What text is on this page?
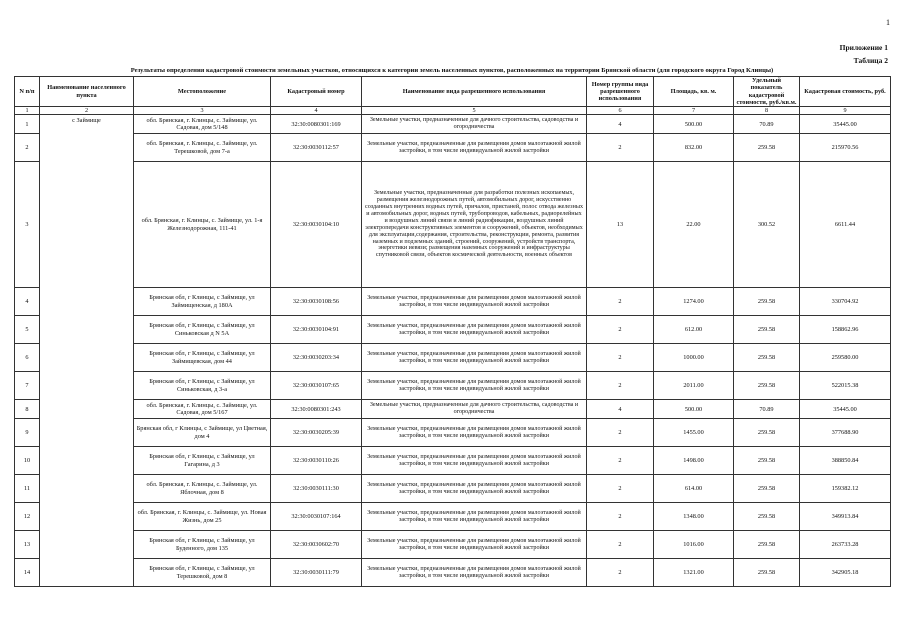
1
Приложение 1
Таблица 2
Результаты определения кадастровой стоимости земельных участков, относящихся к категории земель населенных пунктов, расположенных на территории Брянской области (для городского округа Город Клинцы)
N п/п	Наименование населенного пункта	Местоположение	Кадастровый номер	Наименование вида разрешенного использования	Номер группы вида разрешенного использования	Площадь, кв. м.	Удельный показатель кадастровой стоимости, руб./кв.м.	Кадастровая стоимость, руб.
1	2	3	4	5	6	7	8	9
1	с Займище	обл. Брянская, г. Клинцы, с. Займище, ул. Садовая, дом 5/148	32:30:0080301:169	Земельные участки, предназначенные для дачного строительства, садоводства и огородничества	4	500.00	70.89	35445.00
2		обл. Брянская, г. Клинцы, с. Займище, ул. Терешковой, дом 7-а	32:30:0030112:57	Земельные участки, предназначенные для размещения домов малоэтажной жилой застройки, в том числе индивидуальной жилой застройки	2	832.00	259.58	215970.56
3		обл. Брянская, г. Клинцы, с. Займище, ул. 1-я Железнодорожная, 111-41	32:30:0030104:10	Земельные участки, предназначенные для разработки полезных ископаемых, размещения железнодорожных путей, автомобильных дорог, искусственно созданных внутренних водных путей, причалов, пристаней, полос отвода железных и автомобильных дорог, водных путей, трубопроводов, кабельных, радиорелейных и воздушных линий связи и линий радиофикации, воздушных линий электропередачи конструктивных элементов и сооружений, объектов, необходимых для эксплуатации,содержания, строительства, реконструкции, ремонта, развития наземных и подземных зданий, строений, сооружений, устройств транспорта, энергетики иевязи; размещения наземных сооружений и инфраструктуры спутниковой связи, объектов космической деятельности, военных объектов	13	22.00	300.52	6611.44
4		Брянская обл, г Клинцы, с Займище, ул Займищенская, д 180А	32:30:0030108:56	Земельные участки, предназначенные для размещения домов малоэтажной жилой застройки, в том числе индивидуальной жилой застройки	2	1274.00	259.58	330704.92
5		Брянская обл, г Клинцы, с Займище, ул Синьковская д N 5А	32:30:0030104:91	Земельные участки, предназначенные для размещения домов малоэтажной жилой застройки, в том числе индивидуальной жилой застройки	2	612.00	259.58	158862.96
6		Брянская обл, г Клинцы, с Займище, ул Займищевская, дом 44	32:30:0030203:34	Земельные участки, предназначенные для размещения домов малоэтажной жилой застройки, в том числе индивидуальной жилой застройки	2	1000.00	259.58	259580.00
7		Брянская обл, г Клинцы, с Займище, ул Синьковская, д 3-а	32:30:0030107:65	Земельные участки, предназначенные для размещения домов малоэтажной жилой застройки, в том числе индивидуальной жилой застройки	2	2011.00	259.58	522015.38
8		обл. Брянская, г. Клинцы, с. Займище, ул. Садовая, дом 5/167	32:30:0080301:243	Земельные участки, предназначенные для дачного строительства, садоводства и огородничества	4	500.00	70.89	35445.00
9		Брянская обл, г Клинцы, с Займище, ул Цветная, дом 4	32:30:0030205:39	Земельные участки, предназначенные для размещения домов малоэтажной жилой застройки, в том числе индивидуальной жилой застройки	2	1455.00	259.58	377688.90
10		Брянская обл, г Клинцы, с Займище, ул Гагарина, д 3	32:30:0030110:26	Земельные участки, предназначенные для размещения домов малоэтажной жилой застройки, в том числе индивидуальной жилой застройки	2	1498.00	259.58	388850.84
11		обл. Брянская, г. Клинцы, с. Займище, ул. Яблочная, дом 8	32:30:0030111:30	Земельные участки, предназначенные для размещения домов малоэтажной жилой застройки, в том числе индивидуальной жилой застройки	2	614.00	259.58	159382.12
12		обл. Брянская, г. Клинцы, с. Займище, ул. Новая Жизнь, дом 25	32:30:0030107:164	Земельные участки, предназначенные для размещения домов малоэтажной жилой застройки, в том числе индивидуальной жилой застройки	2	1348.00	259.58	349913.84
13		Брянская обл, г Клинцы, с Займище, ул Буденного, дом 135	32:30:0030602:70	Земельные участки, предназначенные для размещения домов малоэтажной жилой застройки, в том числе индивидуальной жилой застройки	2	1016.00	259.58	263733.28
14		Брянская обл, г Клинцы, с Займище, ул Терешковой, дом 8	32:30:0030111:79	Земельные участки, предназначенные для размещения домов малоэтажной жилой застройки, в том числе индивидуальной жилой застройки	2	1321.00	259.58	342905.18
